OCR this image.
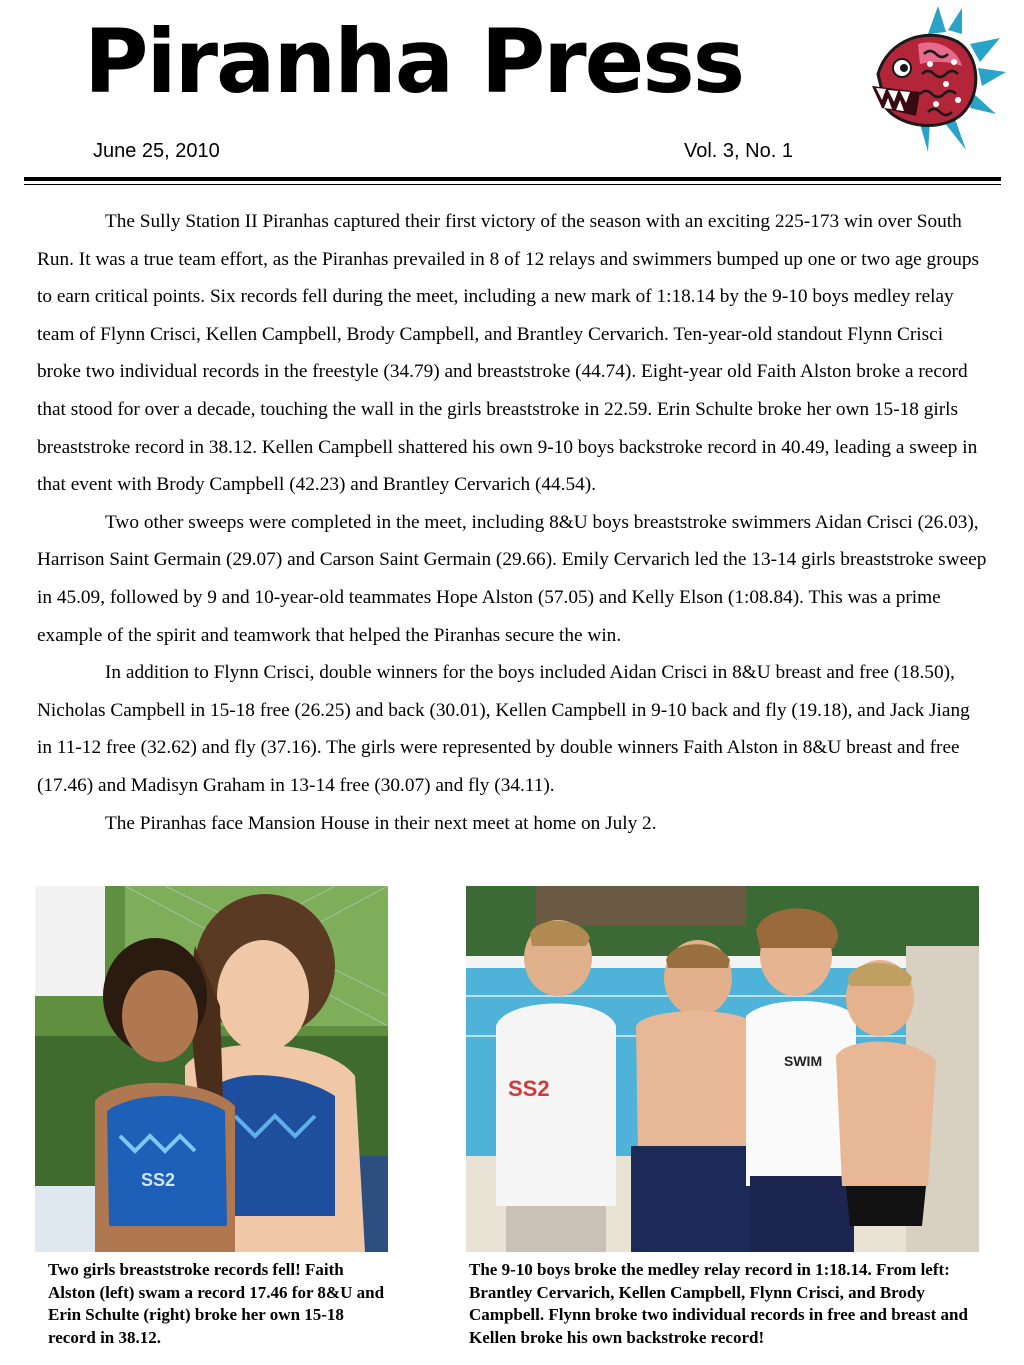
Piranha Press
June 25, 2010	Vol. 3, No. 1

The Sully Station II Piranhas captured their first victory of the season with an exciting 225-173 win over South Run. It was a true team effort, as the Piranhas prevailed in 8 of 12 relays and swimmers bumped up one or two age groups to earn critical points. Six records fell during the meet, including a new mark of 1:18.14 by the 9-10 boys medley relay team of Flynn Crisci, Kellen Campbell, Brody Campbell, and Brantley Cervarich. Ten-year-old standout Flynn Crisci broke two individual records in the freestyle (34.79) and breaststroke (44.74). Eight-year old Faith Alston broke a record that stood for over a decade, touching the wall in the girls breaststroke in 22.59. Erin Schulte broke her own 15-18 girls breaststroke record in 38.12. Kellen Campbell shattered his own 9-10 boys backstroke record in 40.49, leading a sweep in that event with Brody Campbell (42.23) and Brantley Cervarich (44.54).

Two other sweeps were completed in the meet, including 8&U boys breaststroke swimmers Aidan Crisci (26.03), Harrison Saint Germain (29.07) and Carson Saint Germain (29.66). Emily Cervarich led the 13-14 girls breaststroke sweep in 45.09, followed by 9 and 10-year-old teammates Hope Alston (57.05) and Kelly Elson (1:08.84). This was a prime example of the spirit and teamwork that helped the Piranhas secure the win.

In addition to Flynn Crisci, double winners for the boys included Aidan Crisci in 8&U breast and free (18.50), Nicholas Campbell in 15-18 free (26.25) and back (30.01), Kellen Campbell in 9-10 back and fly (19.18), and Jack Jiang in 11-12 free (32.62) and fly (37.16). The girls were represented by double winners Faith Alston in 8&U breast and free (17.46) and Madisyn Graham in 13-14 free (30.07) and fly (34.11).

The Piranhas face Mansion House in their next meet at home on July 2.

SS2
SS2
SWIM
Two girls breaststroke records fell! Faith Alston (left) swam a record 17.46 for 8&U and Erin Schulte (right) broke her own 15-18 record in 38.12.
The 9-10 boys broke the medley relay record in 1:18.14. From left: Brantley Cervarich, Kellen Campbell, Flynn Crisci, and Brody Campbell. Flynn broke two individual records in free and breast and Kellen broke his own backstroke record!
